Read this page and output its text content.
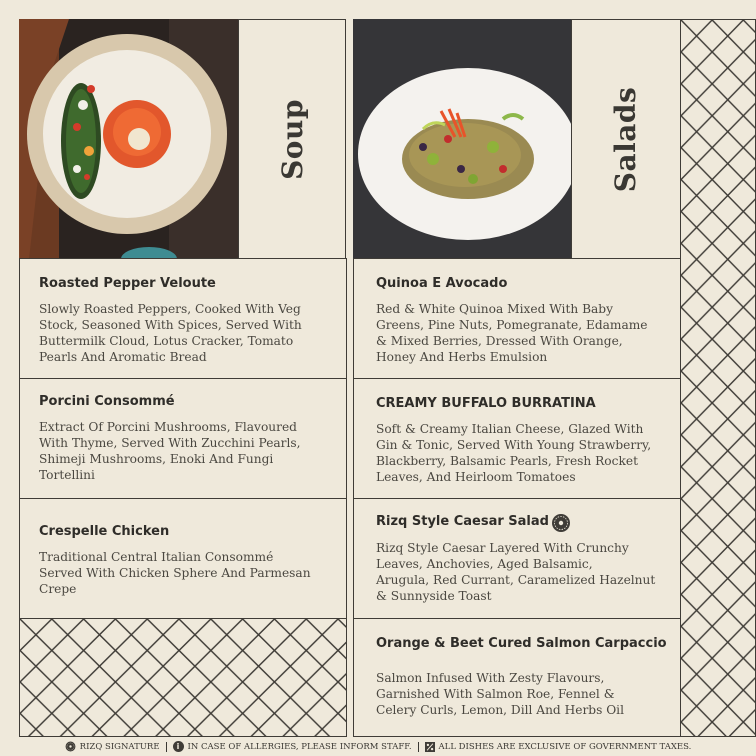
Soup	Salads
Roasted Pepper Veloute
Slowly Roasted Peppers, Cooked With Veg
Stock, Seasoned With Spices, Served With
Buttermilk Cloud, Lotus Cracker, Tomato
Pearls And Aromatic Bread
Porcini Consommé
Extract Of Porcini Mushrooms, Flavoured
With Thyme, Served With Zucchini Pearls,
Shimeji Mushrooms, Enoki And Fungi
Tortellini
Crespelle Chicken
Traditional Central Italian Consommé
Served With Chicken Sphere And Parmesan
Crepe
Quinoa E Avocado
Red & White Quinoa Mixed With Baby
Greens, Pine Nuts, Pomegranate, Edamame
& Mixed Berries, Dressed With Orange,
Honey And Herbs Emulsion
CREAMY BUFFALO BURRATINA
Soft & Creamy Italian Cheese, Glazed With
Gin & Tonic, Served With Young Strawberry,
Blackberry, Balsamic Pearls, Fresh Rocket
Leaves, And Heirloom Tomatoes
Rizq Style Caesar Salad
Rizq Style Caesar Layered With Crunchy
Leaves, Anchovies, Aged Balsamic,
Arugula, Red Currant, Caramelized Hazelnut
& Sunnyside Toast
Orange & Beet Cured Salmon Carpaccio
Salmon Infused With Zesty Flavours,
Garnished With Salmon Roe, Fennel &
Celery Curls, Lemon, Dill And Herbs Oil
RIZQ SIGNATURE	i IN CASE OF ALLERGIES, PLEASE INFORM STAFF.	ALL DISHES ARE EXCLUSIVE OF GOVERNMENT TAXES.
